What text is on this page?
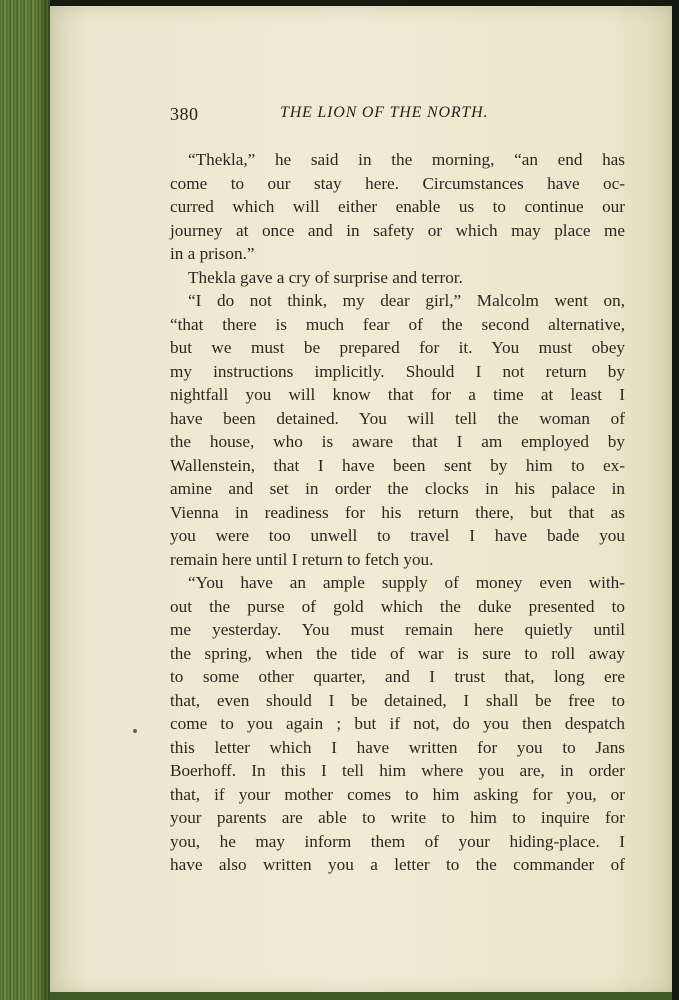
380	THE LION OF THE NORTH.
“Thekla,” he said in the morning, “an end has
come to our stay here. Circumstances have oc-
curred which will either enable us to continue our
journey at once and in safety or which may place me
in a prison.”
Thekla gave a cry of surprise and terror.
“I do not think, my dear girl,” Malcolm went on,
“that there is much fear of the second alternative,
but we must be prepared for it. You must obey
my instructions implicitly. Should I not return by
nightfall you will know that for a time at least I
have been detained. You will tell the woman of
the house, who is aware that I am employed by
Wallenstein, that I have been sent by him to ex-
amine and set in order the clocks in his palace in
Vienna in readiness for his return there, but that as
you were too unwell to travel I have bade you
remain here until I return to fetch you.
“You have an ample supply of money even with-
out the purse of gold which the duke presented to
me yesterday. You must remain here quietly until
the spring, when the tide of war is sure to roll away
to some other quarter, and I trust that, long ere
that, even should I be detained, I shall be free to
come to you again ; but if not, do you then despatch
this letter which I have written for you to Jans
Boerhoff. In this I tell him where you are, in order
that, if your mother comes to him asking for you, or
your parents are able to write to him to inquire for
you, he may inform them of your hiding-place. I
have also written you a letter to the commander of
